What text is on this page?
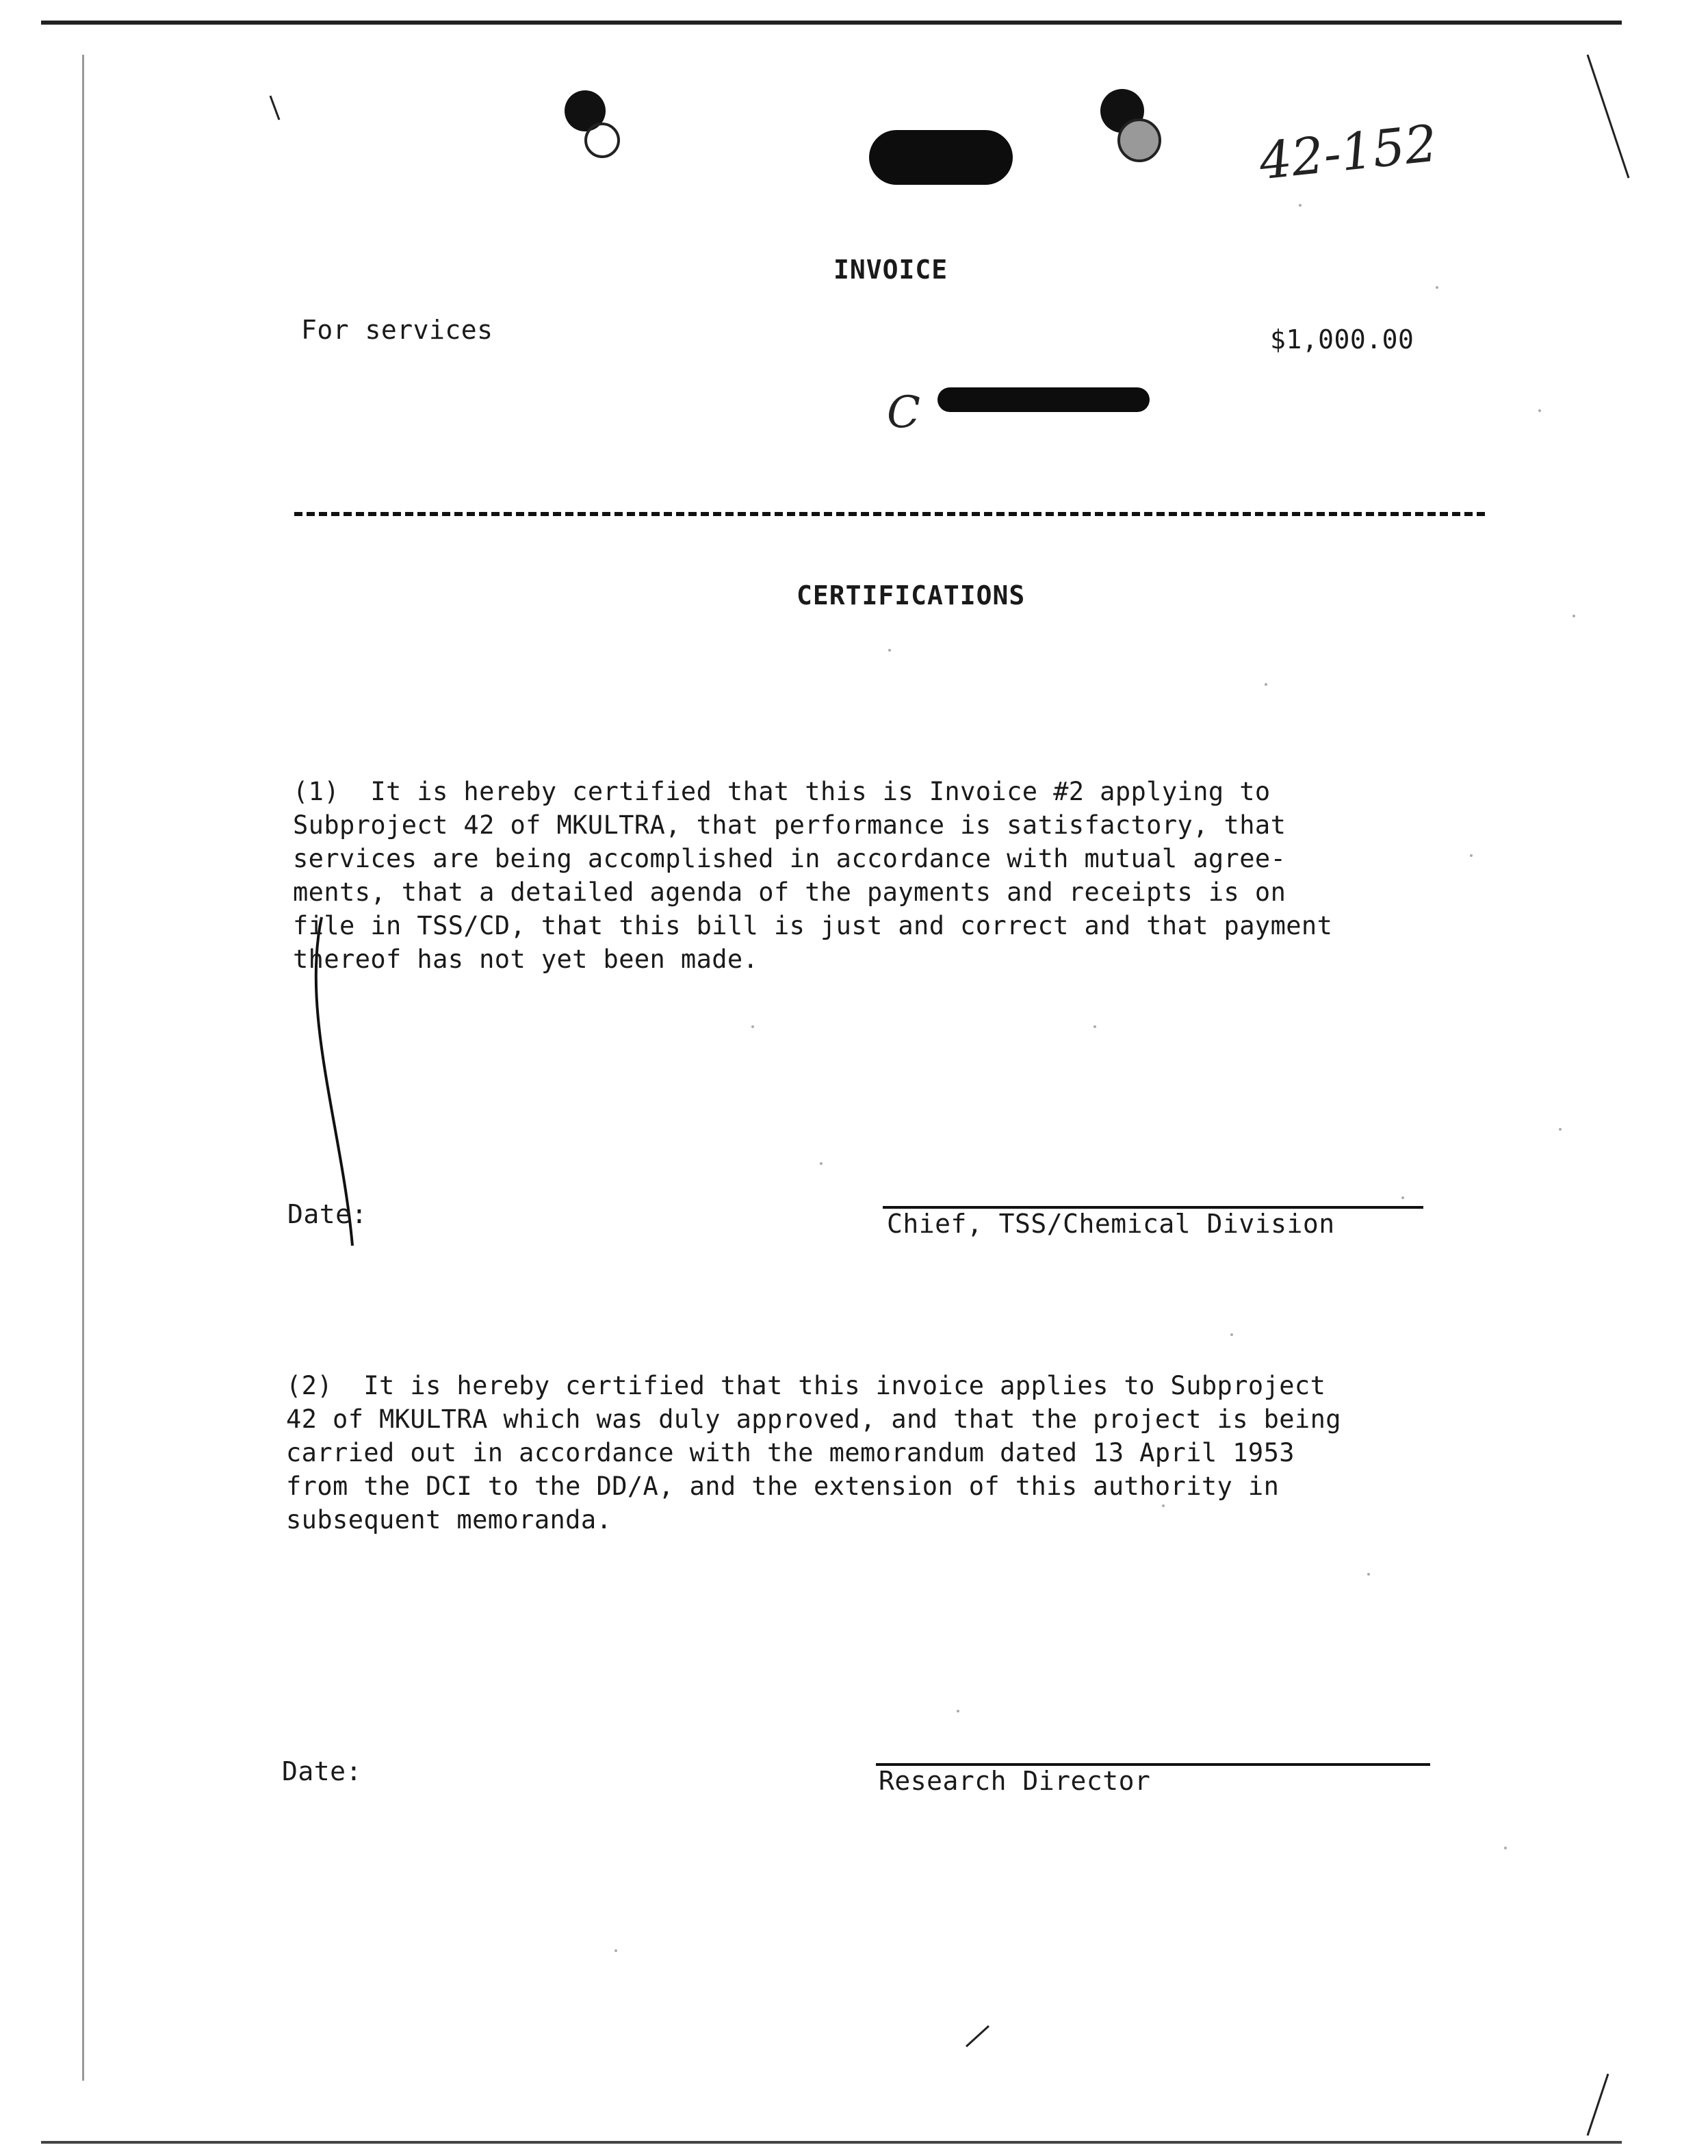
42-152
INVOICE
For services	$1,000.00
C
CERTIFICATIONS
(1)  It is hereby certified that this is Invoice #2 applying to
Subproject 42 of MKULTRA, that performance is satisfactory, that
services are being accomplished in accordance with mutual agree-
ments, that a detailed agenda of the payments and receipts is on
file in TSS/CD, that this bill is just and correct and that payment
thereof has not yet been made.
Date:	Chief, TSS/Chemical Division
(2)  It is hereby certified that this invoice applies to Subproject
42 of MKULTRA which was duly approved, and that the project is being
carried out in accordance with the memorandum dated 13 April 1953
from the DCI to the DD/A, and the extension of this authority in
subsequent memoranda.
Date:	Research Director
